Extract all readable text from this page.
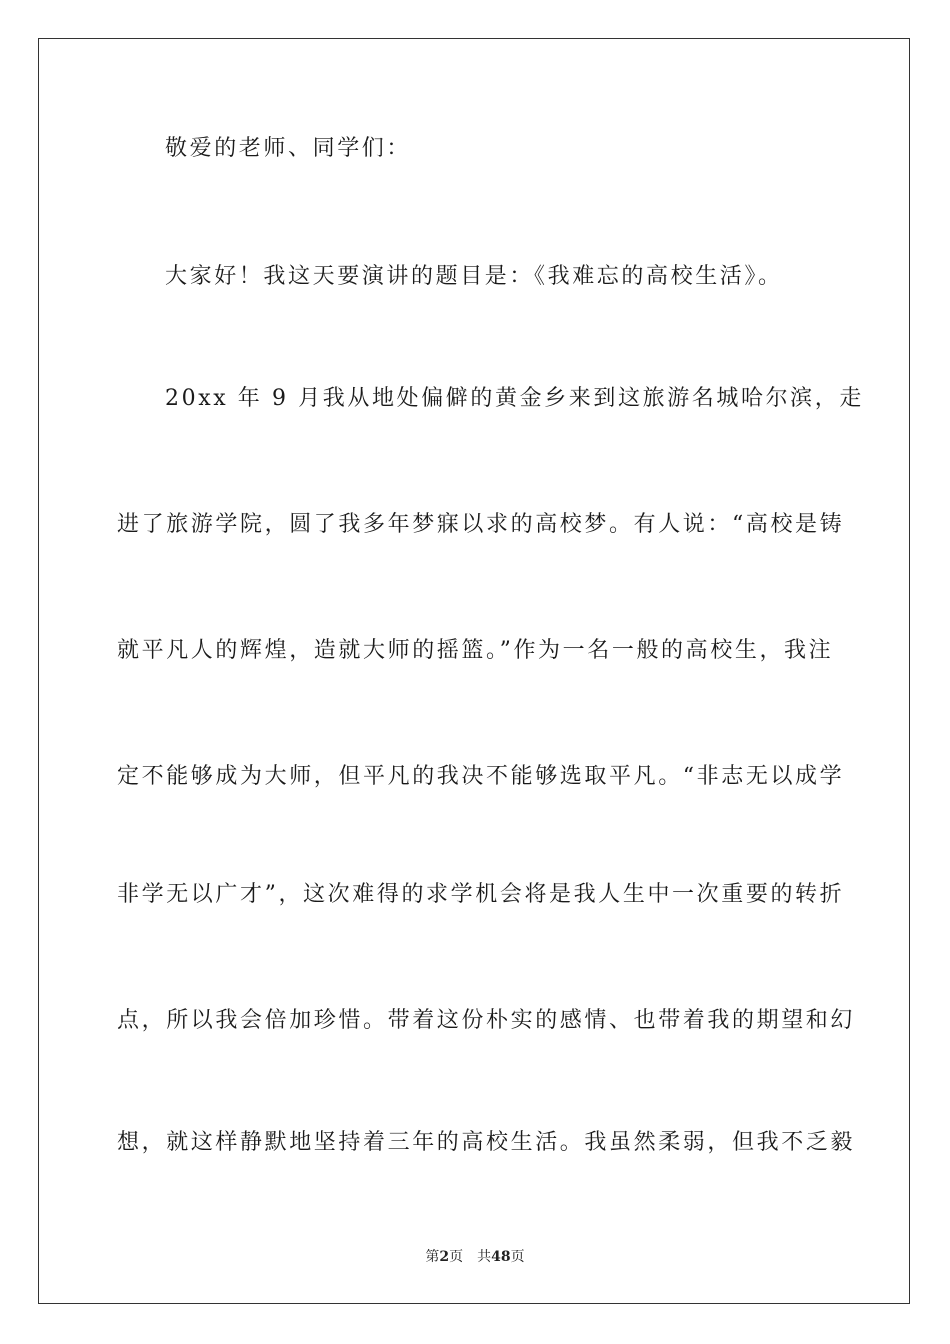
敬爱的老师、同学们：
大家好！我这天要演讲的题目是：《我难忘的高校生活》。
20xx 年 9 月我从地处偏僻的黄金乡来到这旅游名城哈尔滨，走
进了旅游学院，圆了我多年梦寐以求的高校梦。有人说：“高校是铸
就平凡人的辉煌，造就大师的摇篮。”作为一名一般的高校生，我注
定不能够成为大师，但平凡的我决不能够选取平凡。“非志无以成学
非学无以广才”，这次难得的求学机会将是我人生中一次重要的转折
点，所以我会倍加珍惜。带着这份朴实的感情、也带着我的期望和幻
想，就这样静默地坚持着三年的高校生活。我虽然柔弱，但我不乏毅
第2页 共48页
